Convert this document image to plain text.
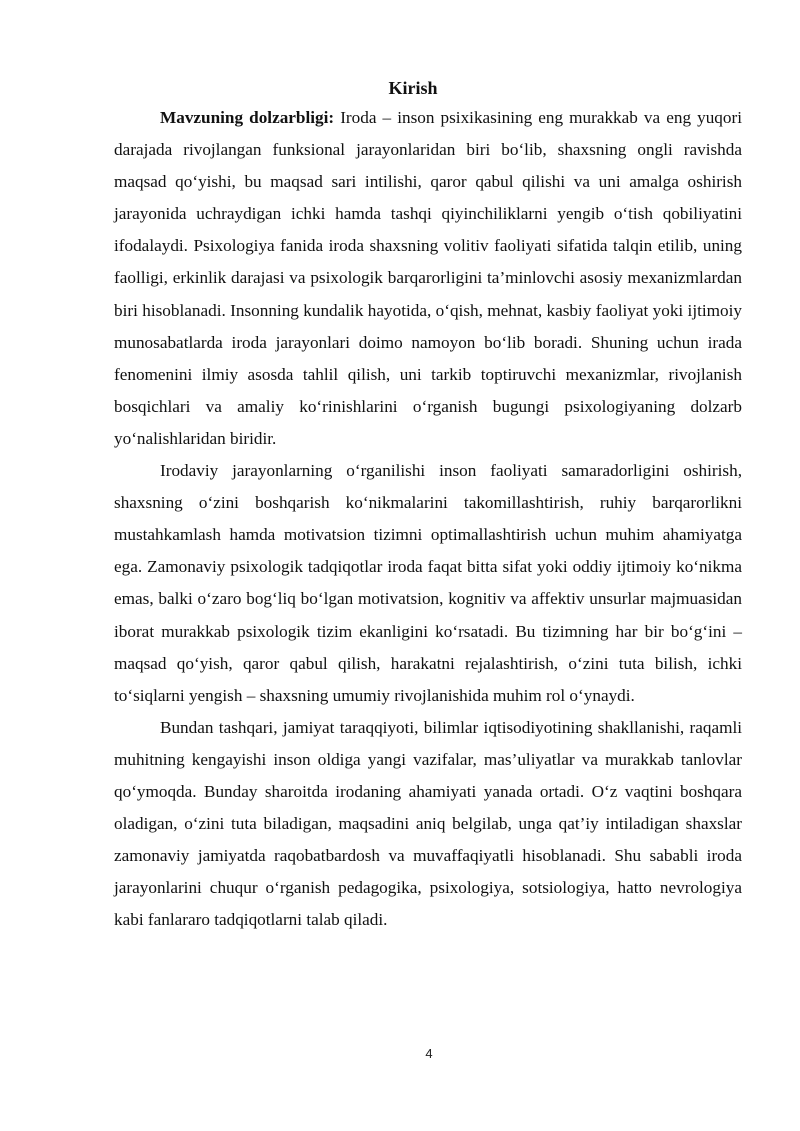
Kirish

Mavzuning dolzarbligi: Iroda – inson psixikasining eng murakkab va eng yuqori darajada rivojlangan funksional jarayonlaridan biri bo‘lib, shaxsning ongli ravishda maqsad qo‘yishi, bu maqsad sari intilishi, qaror qabul qilishi va uni amalga oshirish jarayonida uchraydigan ichki hamda tashqi qiyinchiliklarni yengib o‘tish qobiliyatini ifodalaydi. Psixologiya fanida iroda shaxsning volitiv faoliyati sifatida talqin etilib, uning faolligi, erkinlik darajasi va psixologik barqarorligini ta’minlovchi asosiy mexanizmlardan biri hisoblanadi. Insonning kundalik hayotida, o‘qish, mehnat, kasbiy faoliyat yoki ijtimoiy munosabatlarda iroda jarayonlari doimo namoyon bo‘lib boradi. Shuning uchun irada fenomenini ilmiy asosda tahlil qilish, uni tarkib toptiruvchi mexanizmlar, rivojlanish bosqichlari va amaliy ko‘rinishlarini o‘rganish bugungi psixologiyaning dolzarb yo‘nalishlaridan biridir.

Irodaviy jarayonlarning o‘rganilishi inson faoliyati samaradorligini oshirish, shaxsning o‘zini boshqarish ko‘nikmalarini takomillashtirish, ruhiy barqarorlikni mustahkamlash hamda motivatsion tizimni optimallashtirish uchun muhim ahamiyatga ega. Zamonaviy psixologik tadqiqotlar iroda faqat bitta sifat yoki oddiy ijtimoiy ko‘nikma emas, balki o‘zaro bog‘liq bo‘lgan motivatsion, kognitiv va affektiv unsurlar majmuasidan iborat murakkab psixologik tizim ekanligini ko‘rsatadi. Bu tizimning har bir bo‘g‘ini – maqsad qo‘yish, qaror qabul qilish, harakatni rejalashtirish, o‘zini tuta bilish, ichki to‘siqlarni yengish – shaxsning umumiy rivojlanishida muhim rol o‘ynaydi.

Bundan tashqari, jamiyat taraqqiyoti, bilimlar iqtisodiyotining shakllanishi, raqamli muhitning kengayishi inson oldiga yangi vazifalar, mas’uliyatlar va murakkab tanlovlar qo‘ymoqda. Bunday sharoitda irodaning ahamiyati yanada ortadi. O‘z vaqtini boshqara oladigan, o‘zini tuta biladigan, maqsadini aniq belgilab, unga qat’iy intiladigan shaxslar zamonaviy jamiyatda raqobatbardosh va muvaffaqiyatli hisoblanadi. Shu sababli iroda jarayonlarini chuqur o‘rganish pedagogika, psixologiya, sotsiologiya, hatto nevrologiya kabi fanlararo tadqiqotlarni talab qiladi.

4
